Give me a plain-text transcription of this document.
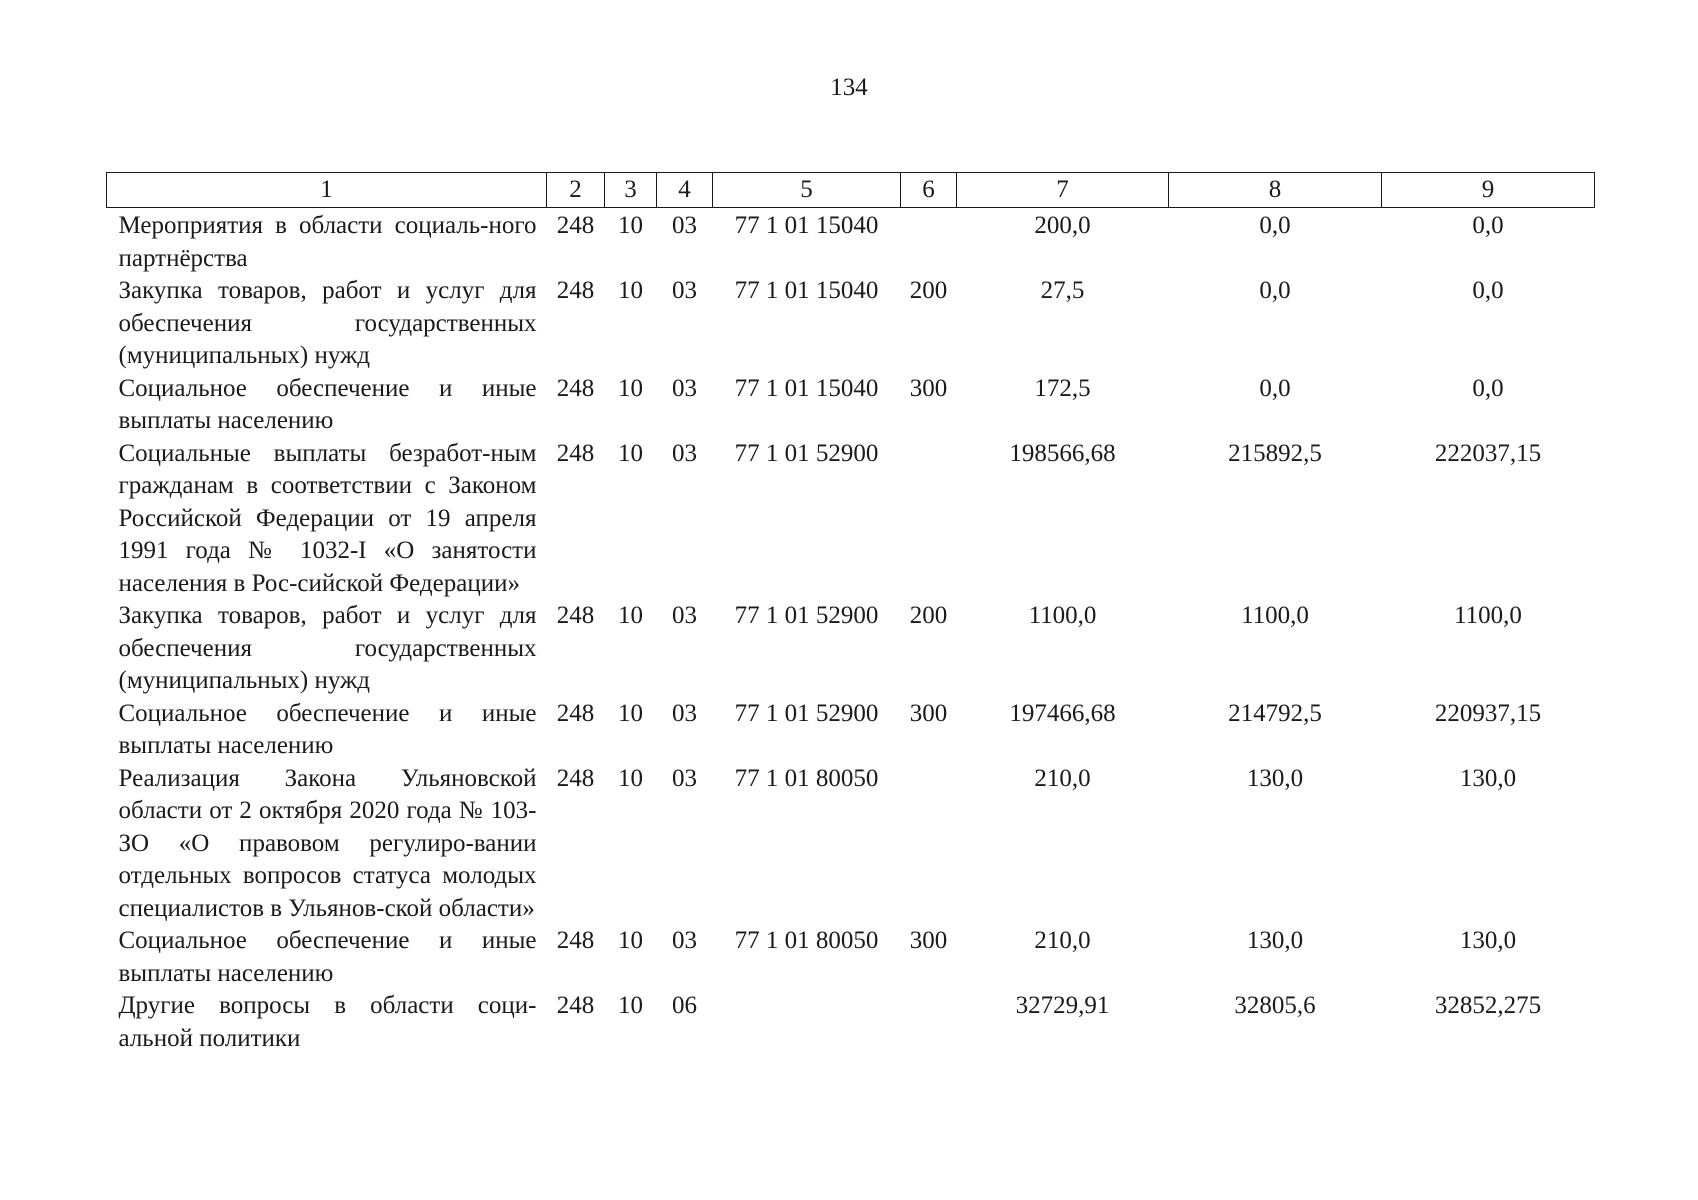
134
1	2	3	4	5	6	7	8	9
Мероприятия в области социаль-ного партнёрства	248	10	03	77 1 01 15040		200,0	0,0	0,0
Закупка товаров, работ и услуг для обеспечения государственных (муниципальных) нужд	248	10	03	77 1 01 15040	200	27,5	0,0	0,0
Социальное обеспечение и иные выплаты населению	248	10	03	77 1 01 15040	300	172,5	0,0	0,0
Социальные выплаты безработ-ным гражданам в соответствии с Законом Российской Федерации от 19 апреля 1991 года № 1032-I «О занятости населения в Рос-сийской Федерации»	248	10	03	77 1 01 52900		198566,68	215892,5	222037,15
Закупка товаров, работ и услуг для обеспечения государственных (муниципальных) нужд	248	10	03	77 1 01 52900	200	1100,0	1100,0	1100,0
Социальное обеспечение и иные выплаты населению	248	10	03	77 1 01 52900	300	197466,68	214792,5	220937,15
Реализация Закона Ульяновской области от 2 октября 2020 года № 103-ЗО «О правовом регулиро-вании отдельных вопросов статуса молодых специалистов в Ульянов-ской области»	248	10	03	77 1 01 80050		210,0	130,0	130,0
Социальное обеспечение и иные выплаты населению	248	10	03	77 1 01 80050	300	210,0	130,0	130,0
Другие вопросы в области соци-альной политики	248	10	06			32729,91	32805,6	32852,275
